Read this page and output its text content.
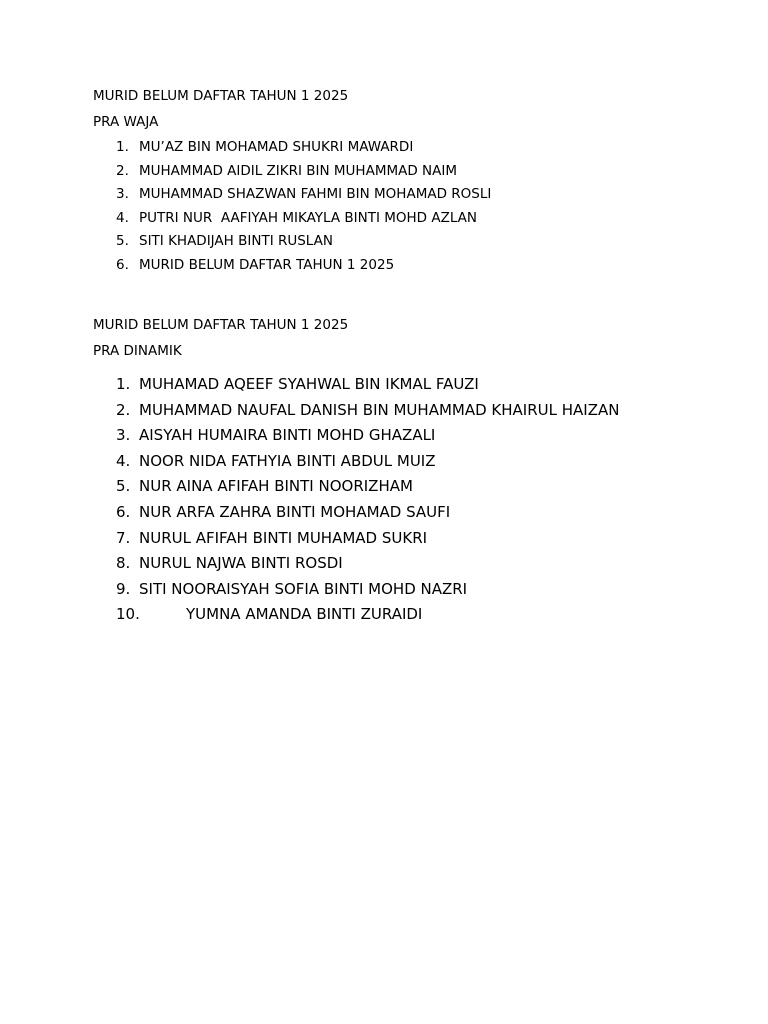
MURID BELUM DAFTAR TAHUN 1 2025
PRA WAJA
1. MU’AZ BIN MOHAMAD SHUKRI MAWARDI
2. MUHAMMAD AIDIL ZIKRI BIN MUHAMMAD NAIM
3. MUHAMMAD SHAZWAN FAHMI BIN MOHAMAD ROSLI
4. PUTRI NUR  AAFIYAH MIKAYLA BINTI MOHD AZLAN
5. SITI KHADIJAH BINTI RUSLAN
6. MURID BELUM DAFTAR TAHUN 1 2025
MURID BELUM DAFTAR TAHUN 1 2025
PRA DINAMIK
1. MUHAMAD AQEEF SYAHWAL BIN IKMAL FAUZI
2. MUHAMMAD NAUFAL DANISH BIN MUHAMMAD KHAIRUL HAIZAN
3. AISYAH HUMAIRA BINTI MOHD GHAZALI
4. NOOR NIDA FATHYIA BINTI ABDUL MUIZ
5. NUR AINA AFIFAH BINTI NOORIZHAM
6. NUR ARFA ZAHRA BINTI MOHAMAD SAUFI
7. NURUL AFIFAH BINTI MUHAMAD SUKRI
8. NURUL NAJWA BINTI ROSDI
9. SITI NOORAISYAH SOFIA BINTI MOHD NAZRI
10.	YUMNA AMANDA BINTI ZURAIDI
